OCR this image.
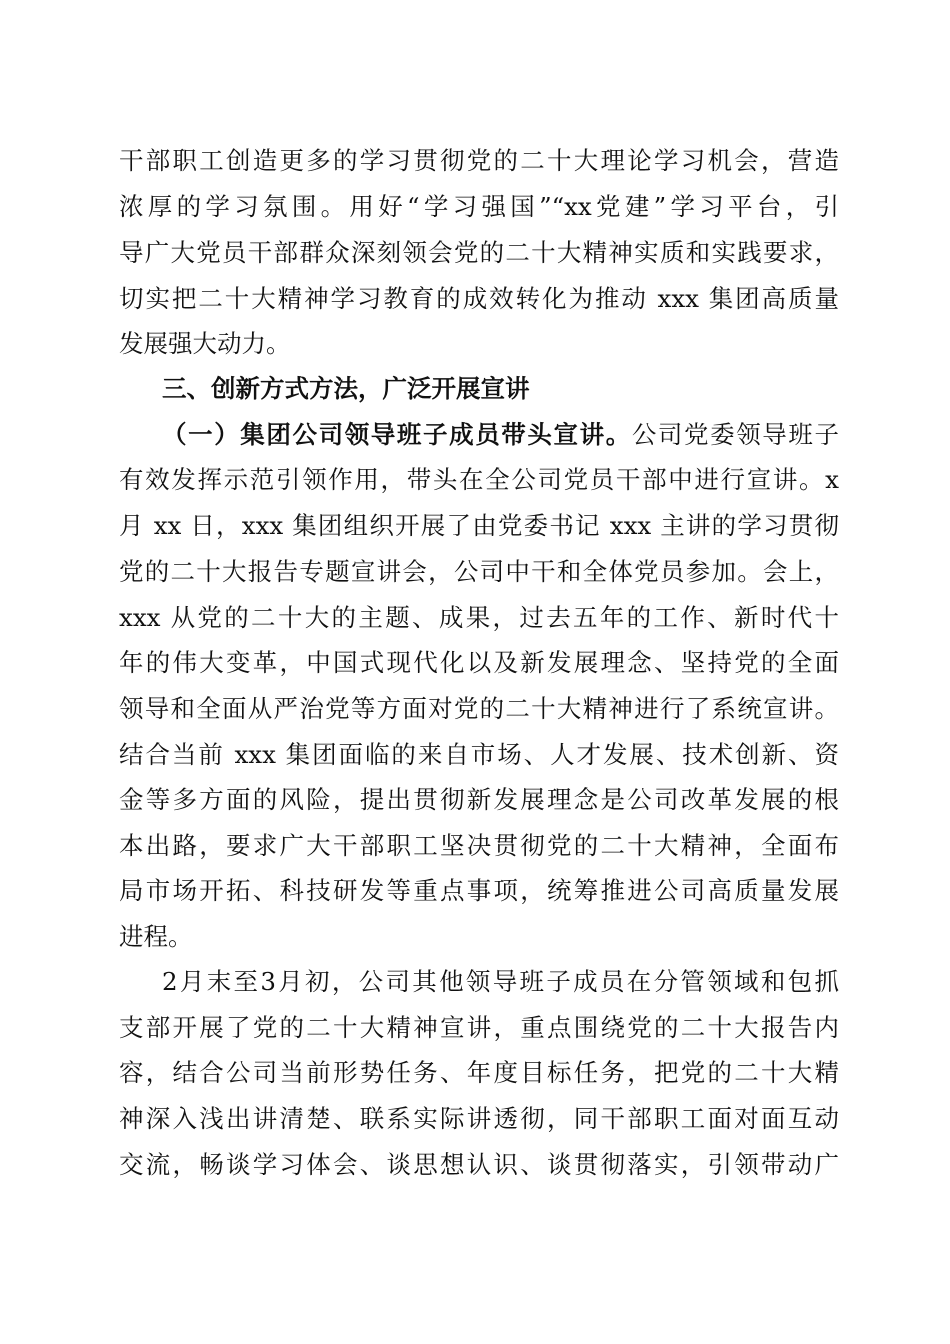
干部职工创造更多的学习贯彻党的二十大理论学习机会，营造
浓厚的学习氛围。用好“学习强国”“xx党建”学习平台，引
导广大党员干部群众深刻领会党的二十大精神实质和实践要求，
切实把二十大精神学习教育的成效转化为推动 xxx 集团高质量
发展强大动力。
三、创新方式方法，广泛开展宣讲
（一）集团公司领导班子成员带头宣讲。公司党委领导班子
有效发挥示范引领作用，带头在全公司党员干部中进行宣讲。x
月 xx 日，xxx 集团组织开展了由党委书记 xxx 主讲的学习贯彻
党的二十大报告专题宣讲会，公司中干和全体党员参加。会上，
xxx 从党的二十大的主题、成果，过去五年的工作、新时代十
年的伟大变革，中国式现代化以及新发展理念、坚持党的全面
领导和全面从严治党等方面对党的二十大精神进行了系统宣讲。
结合当前 xxx 集团面临的来自市场、人才发展、技术创新、资
金等多方面的风险，提出贯彻新发展理念是公司改革发展的根
本出路，要求广大干部职工坚决贯彻党的二十大精神，全面布
局市场开拓、科技研发等重点事项，统筹推进公司高质量发展
进程。
2月末至3月初，公司其他领导班子成员在分管领域和包抓
支部开展了党的二十大精神宣讲，重点围绕党的二十大报告内
容，结合公司当前形势任务、年度目标任务，把党的二十大精
神深入浅出讲清楚、联系实际讲透彻，同干部职工面对面互动
交流，畅谈学习体会、谈思想认识、谈贯彻落实，引领带动广
